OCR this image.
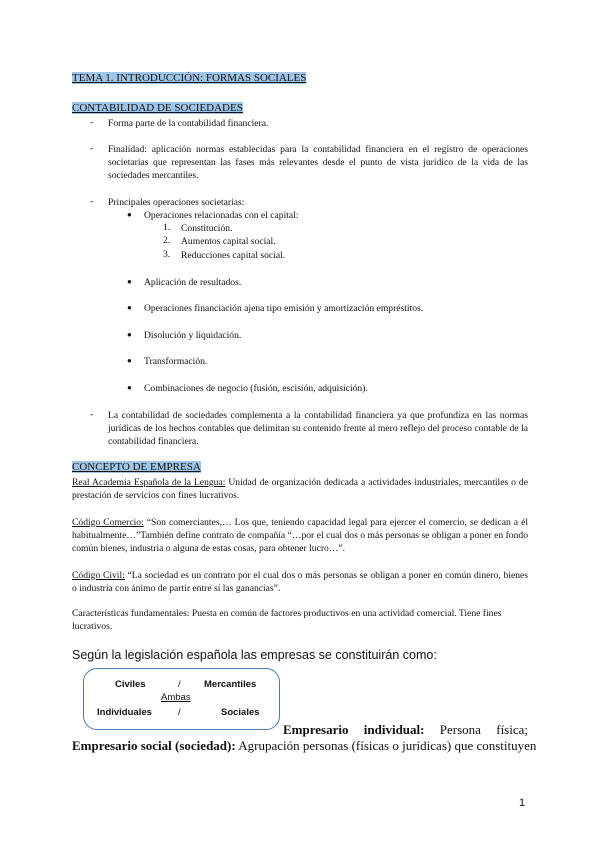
TEMA 1. INTRODUCCIÓN: FORMAS SOCIALES
CONTABILIDAD DE SOCIEDADES
- Forma parte de la contabilidad financiera.
- Finalidad: aplicación normas establecidas para la contabilidad financiera en el registro de operaciones societarias que representan las fases más relevantes desde el punto de vista jurídico de la vida de las sociedades mercantiles.
- Principales operaciones societarias:
● Operaciones relacionadas con el capital:
1. Constitución.
2. Aumentos capital social.
3. Reducciones capital social.
● Aplicación de resultados.
● Operaciones financiación ajena tipo emisión y amortización empréstitos.
● Disolución y liquidación.
● Transformación.
● Combinaciones de negocio (fusión, escisión, adquisición).
- La contabilidad de sociedades complementa a la contabilidad financiera ya que profundiza en las normas jurídicas de los hechos contables que delimitan su contenido frente al mero reflejo del proceso contable de la contabilidad financiera.
CONCEPTO DE EMPRESA
Real Academia Española de la Lengua: Unidad de organización dedicada a actividades industriales, mercantiles o de prestación de servicios con fines lucrativos.
Código Comercio: “Son comerciantes,… Los que, teniendo capacidad legal para ejercer el comercio, se dedican a él habitualmente…”También define contrato de compañía “…por el cual dos o más personas se obligan a poner en fondo común bienes, industria o alguna de estas cosas, para obtener lucro…”.
Código Civil: “La sociedad es un contrato por el cual dos o más personas se obligan a poner en común dinero, bienes o industria con ánimo de partir entre sí las ganancias”.
Características fundamentales: Puesta en común de factores productivos en una actividad comercial. Tiene fines lucrativos.
Según la legislación española las empresas se constituirán como:
Civiles	/ Mercantiles
Ambas
Individuales	/	Sociales
Empresario individual: Persona física;
Empresario social (sociedad): Agrupación personas (físicas o jurídicas) que constituyen
1
